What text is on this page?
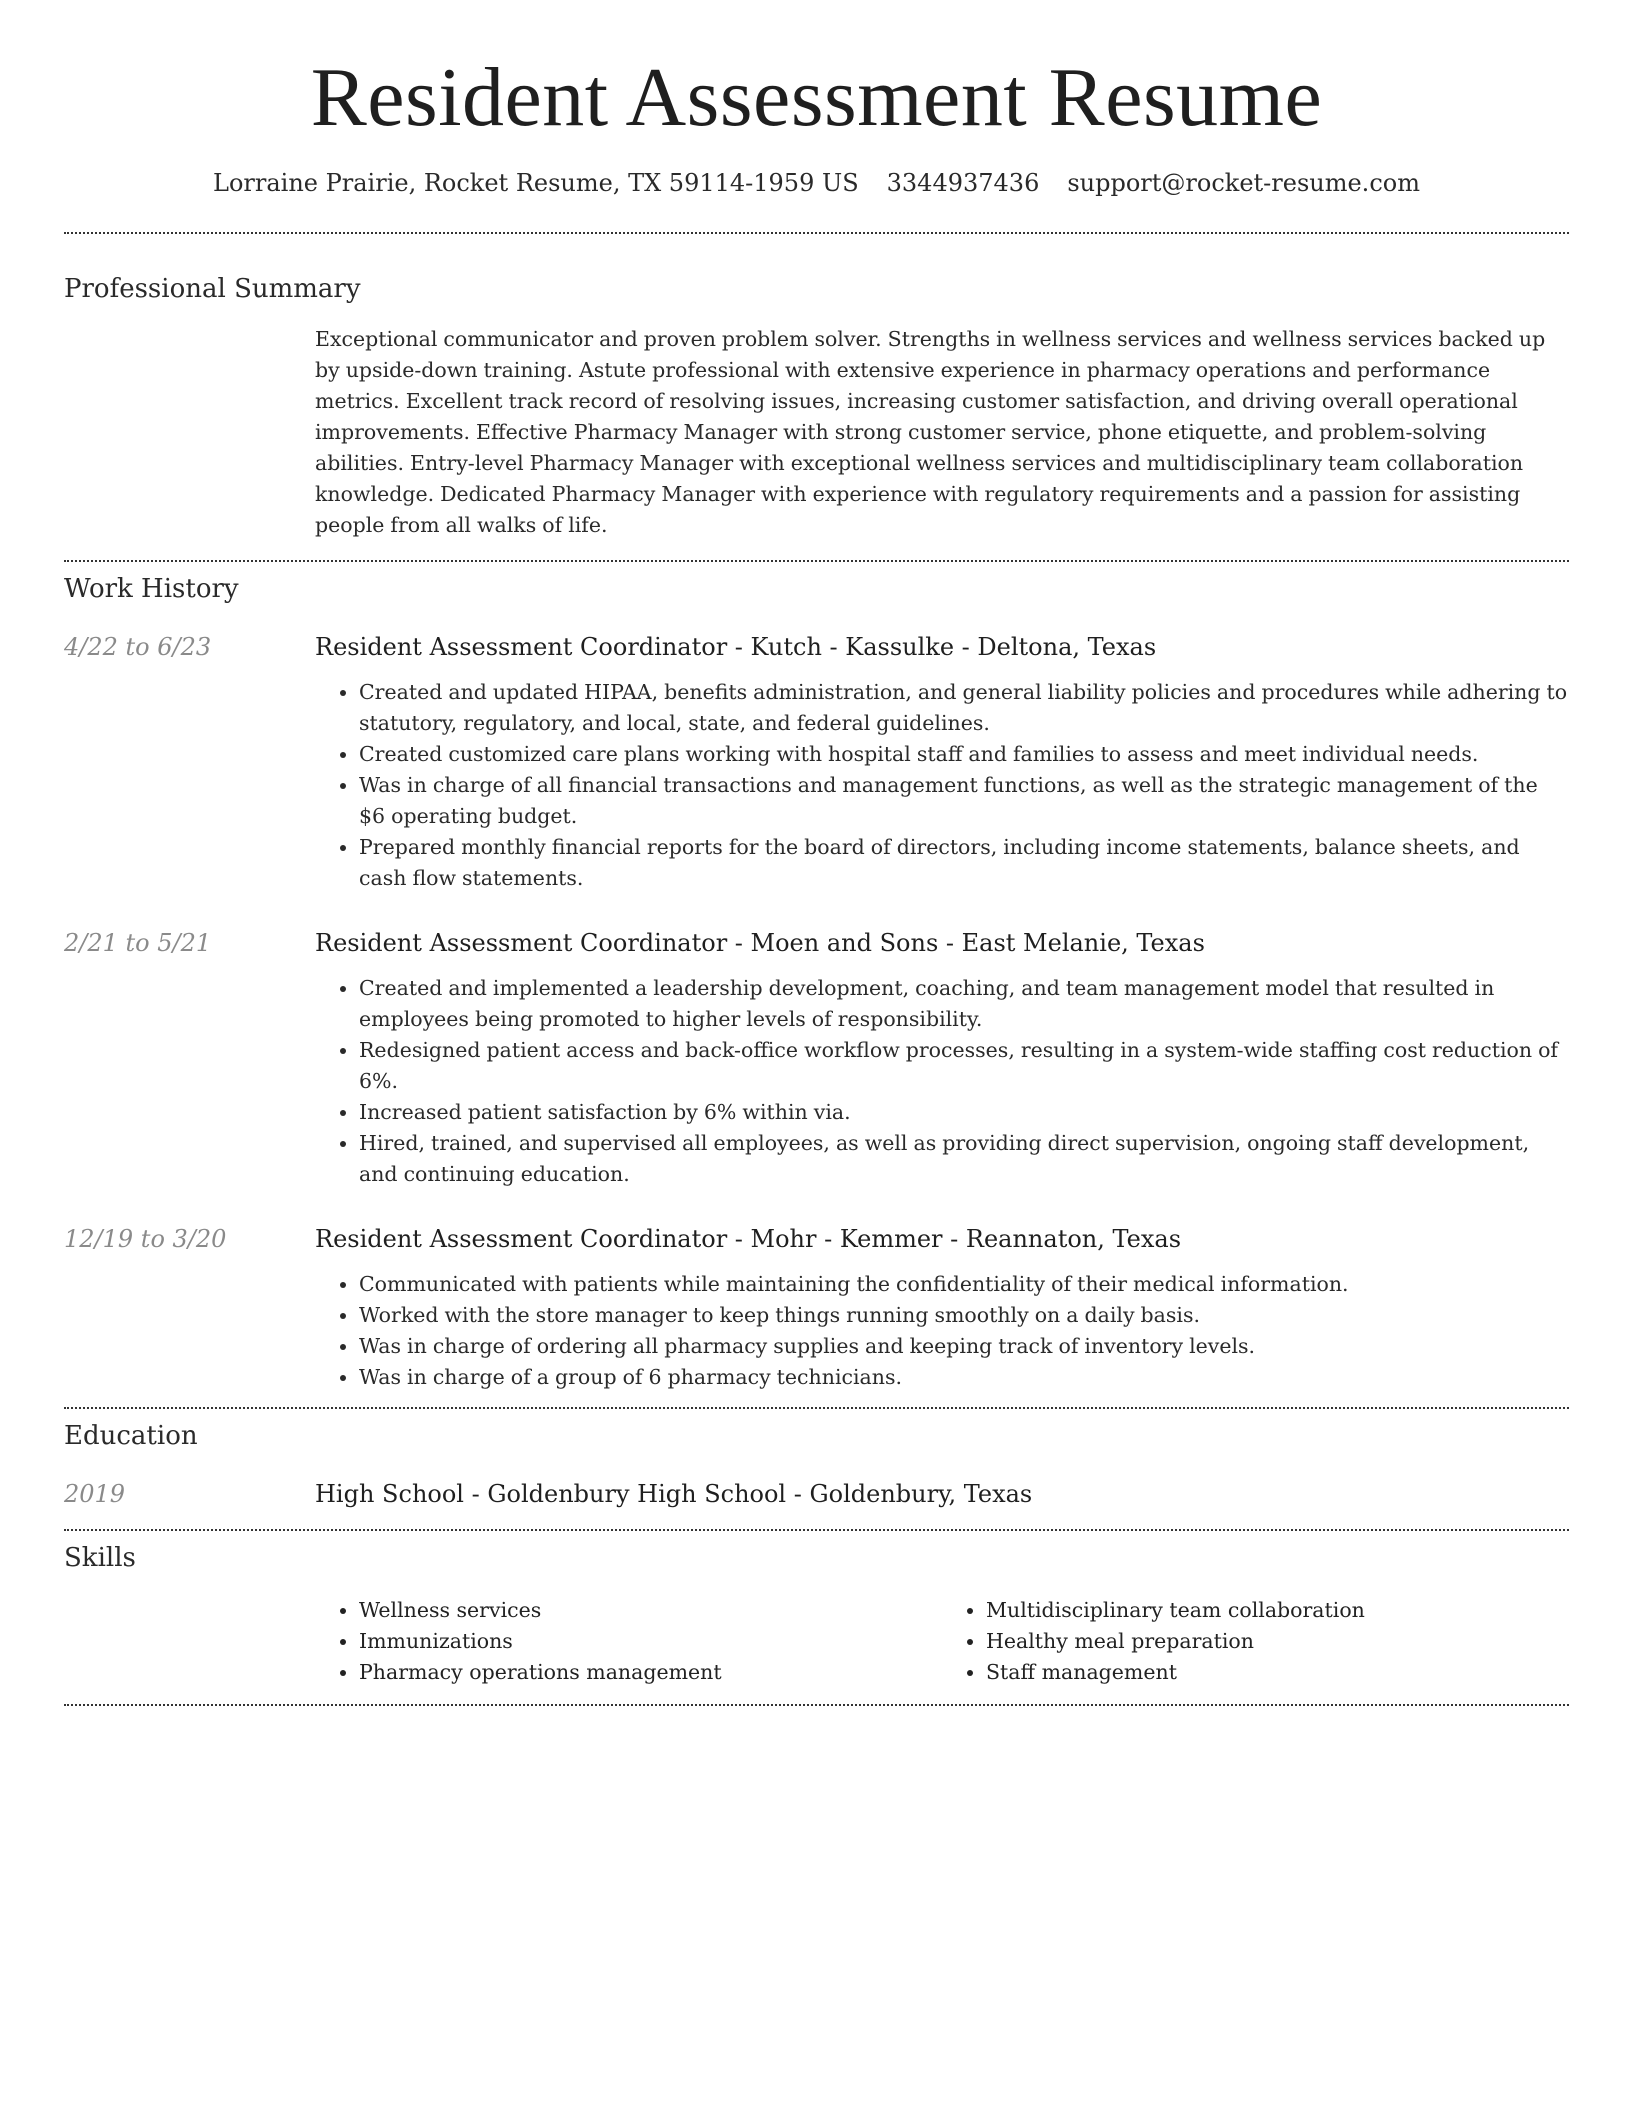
Resident Assessment Resume
Lorraine Prairie, Rocket Resume, TX 59114-1959 US 3344937436 support@rocket-resume.com
Professional Summary

Exceptional communicator and proven problem solver. Strengths in wellness services and wellness services backed up by upside-down training. Astute professional with extensive experience in pharmacy operations and performance metrics. Excellent track record of resolving issues, increasing customer satisfaction, and driving overall operational improvements. Effective Pharmacy Manager with strong customer service, phone etiquette, and problem-solving abilities. Entry-level Pharmacy Manager with exceptional wellness services and multidisciplinary team collaboration knowledge. Dedicated Pharmacy Manager with experience with regulatory requirements and a passion for assisting people from all walks of life.

Work History
4/22 to 6/23	Resident Assessment Coordinator - Kutch - Kassulke - Deltona, Texas
• Created and updated HIPAA, benefits administration, and general liability policies and procedures while adhering to statutory, regulatory, and local, state, and federal guidelines.
• Created customized care plans working with hospital staff and families to assess and meet individual needs.
• Was in charge of all financial transactions and management functions, as well as the strategic management of the $6 operating budget.
• Prepared monthly financial reports for the board of directors, including income statements, balance sheets, and cash flow statements.
2/21 to 5/21	Resident Assessment Coordinator - Moen and Sons - East Melanie, Texas
• Created and implemented a leadership development, coaching, and team management model that resulted in employees being promoted to higher levels of responsibility.
• Redesigned patient access and back-office workflow processes, resulting in a system-wide staffing cost reduction of 6%.
• Increased patient satisfaction by 6% within via.
• Hired, trained, and supervised all employees, as well as providing direct supervision, ongoing staff development, and continuing education.
12/19 to 3/20	Resident Assessment Coordinator - Mohr - Kemmer - Reannaton, Texas
• Communicated with patients while maintaining the confidentiality of their medical information.
• Worked with the store manager to keep things running smoothly on a daily basis.
• Was in charge of ordering all pharmacy supplies and keeping track of inventory levels.
• Was in charge of a group of 6 pharmacy technicians.
Education
2019	High School - Goldenbury High School - Goldenbury, Texas
Skills
• Wellness services
• Immunizations
• Pharmacy operations management
• Multidisciplinary team collaboration
• Healthy meal preparation
• Staff management
